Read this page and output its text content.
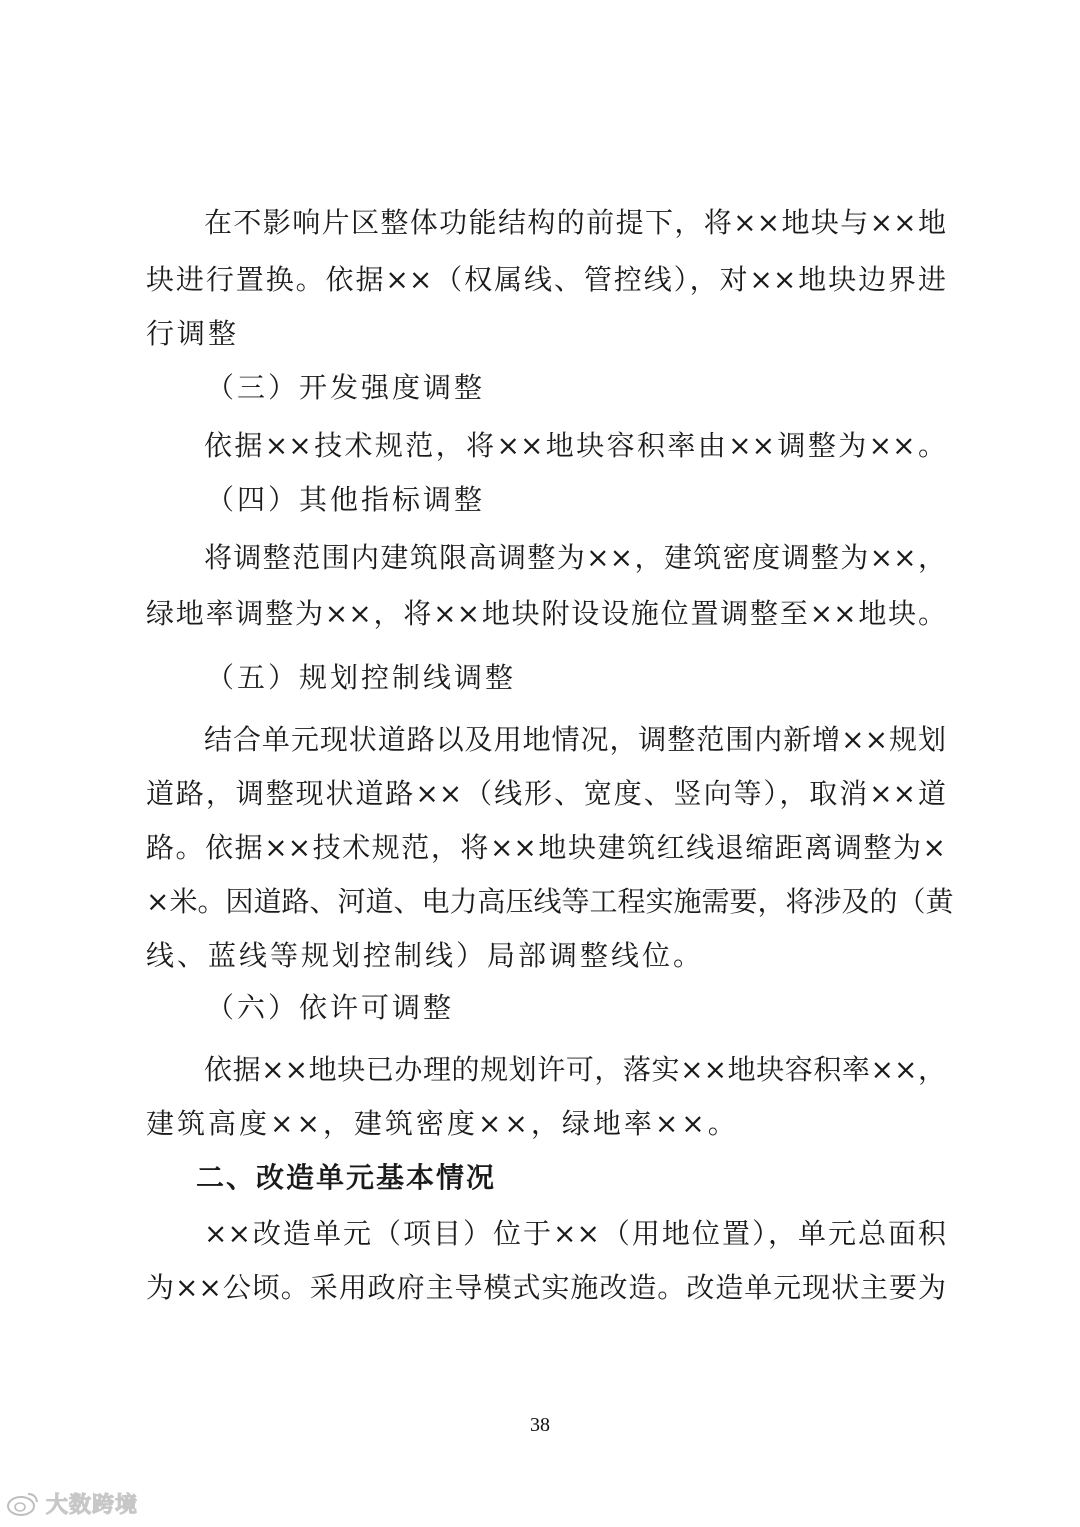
在不影响片区整体功能结构的前提下，将××地块与××地
块进行置换。依据××（权属线、管控线），对××地块边界进
行调整
（三）开发强度调整
依据××技术规范，将××地块容积率由××调整为××。
（四）其他指标调整
将调整范围内建筑限高调整为××，建筑密度调整为××，
绿地率调整为××，将××地块附设设施位置调整至××地块。
（五）规划控制线调整
结合单元现状道路以及用地情况，调整范围内新增××规划
道路，调整现状道路××（线形、宽度、竖向等），取消××道
路。依据××技术规范，将××地块建筑红线退缩距离调整为×
×米。因道路、河道、电力高压线等工程实施需要，将涉及的（黄
线、蓝线等规划控制线）局部调整线位。
（六）依许可调整
依据××地块已办理的规划许可，落实××地块容积率××，
建筑高度××，建筑密度××，绿地率××。
二、改造单元基本情况
××改造单元（项目）位于××（用地位置），单元总面积
为××公顷。采用政府主导模式实施改造。改造单元现状主要为
38
大数跨境
